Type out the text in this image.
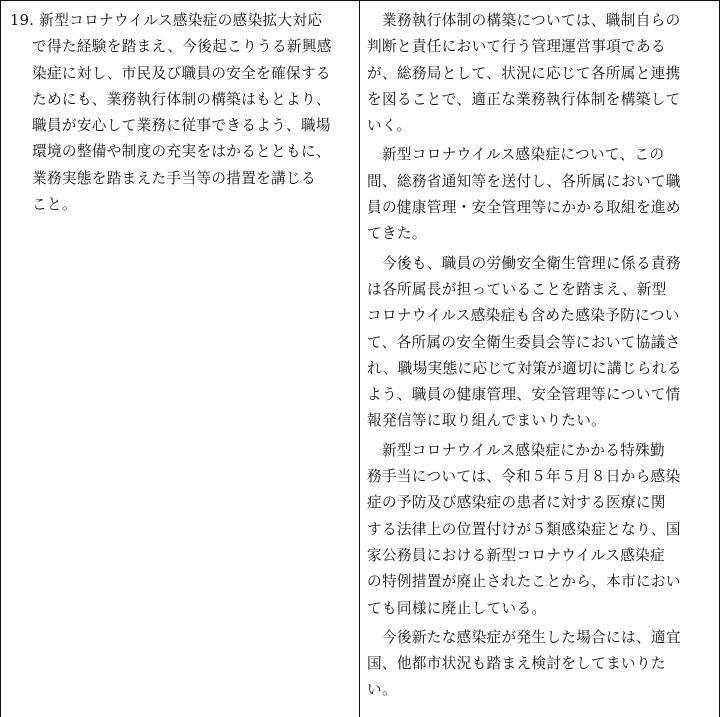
19. 新型コロナウイルス感染症の感染拡大対応
で得た経験を踏まえ、今後起こりうる新興感
染症に対し、市民及び職員の安全を確保する
ためにも、業務執行体制の構築はもとより、
職員が安心して業務に従事できるよう、職場
環境の整備や制度の充実をはかるとともに、
業務実態を踏まえた手当等の措置を講じる
こと。
　業務執行体制の構築については、職制自らの
判断と責任において行う管理運営事項である
が、総務局として、状況に応じて各所属と連携
を図ることで、適正な業務執行体制を構築して
いく。
　新型コロナウイルス感染症について、この
間、総務省通知等を送付し、各所属において職
員の健康管理・安全管理等にかかる取組を進め
てきた。
　今後も、職員の労働安全衛生管理に係る責務
は各所属長が担っていることを踏まえ、新型
コロナウイルス感染症も含めた感染予防につい
て、各所属の安全衛生委員会等において協議さ
れ、職場実態に応じて対策が適切に講じられる
よう、職員の健康管理、安全管理等について情
報発信等に取り組んでまいりたい。
　新型コロナウイルス感染症にかかる特殊勤
務手当については、令和５年５月８日から感染
症の予防及び感染症の患者に対する医療に関
する法律上の位置付けが５類感染症となり、国
家公務員における新型コロナウイルス感染症
の特例措置が廃止されたことから、本市におい
ても同様に廃止している。
　今後新たな感染症が発生した場合には、適宜
国、他都市状況も踏まえ検討をしてまいりた
い。
